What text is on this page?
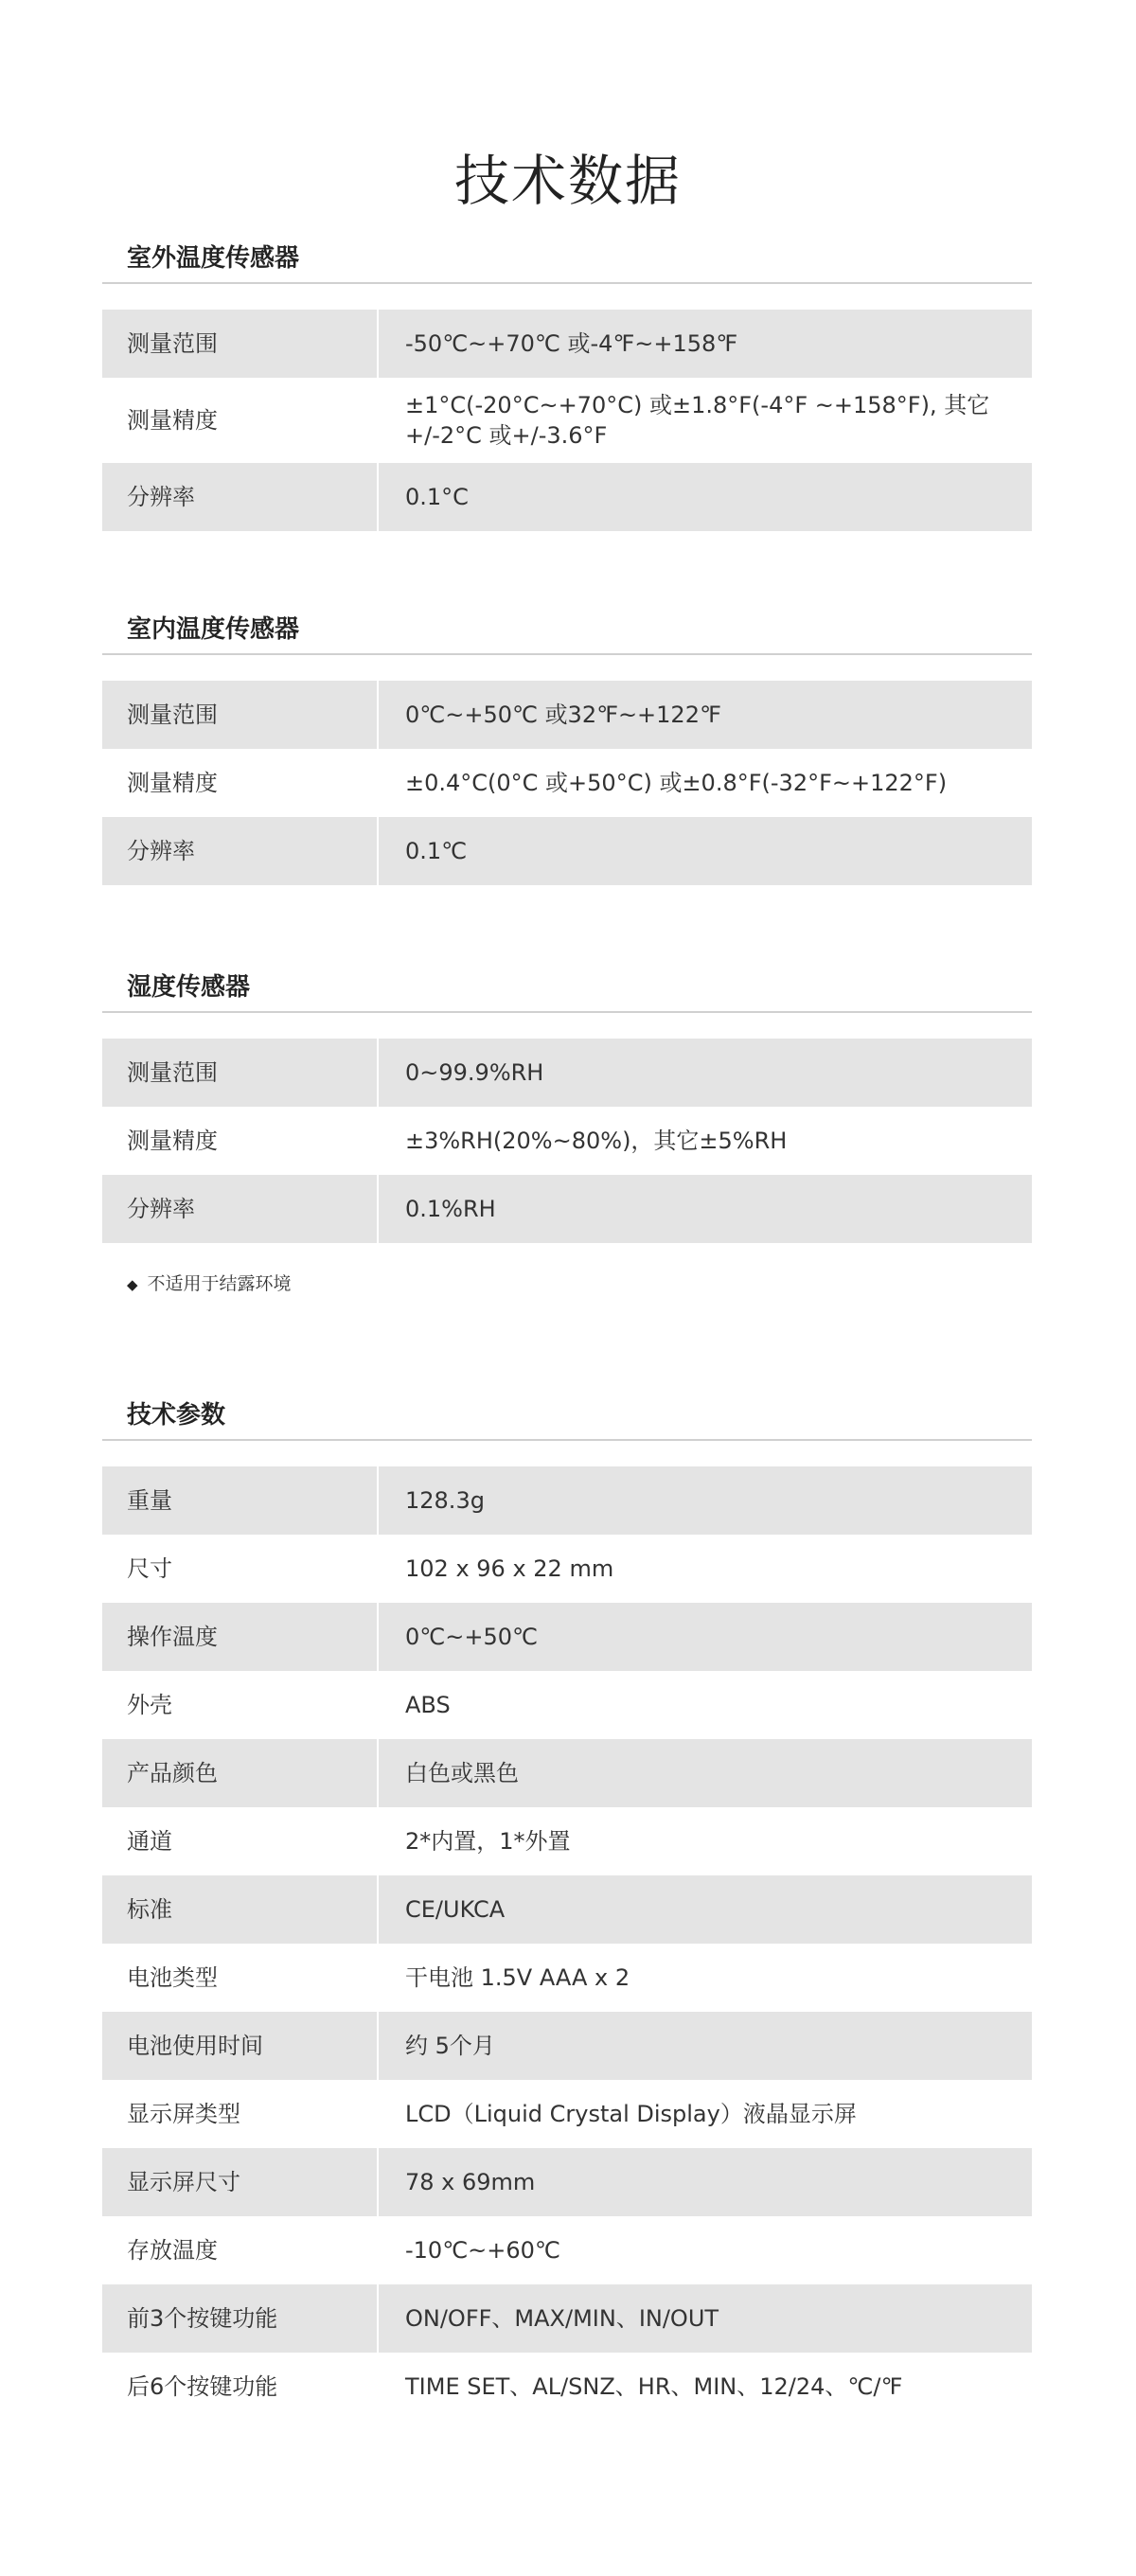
技术数据
室外温度传感器
测量范围	-50℃~+70℃ 或-4℉~+158℉
测量精度	±1°C(-20°C~+70°C) 或±1.8°F(-4°F ~+158°F), 其它+/-2°C 或+/-3.6°F
分辨率	0.1°C
室内温度传感器
测量范围	0℃~+50℃ 或32℉~+122℉
测量精度	±0.4°C(0°C 或+50°C) 或±0.8°F(-32°F~+122°F)
分辨率	0.1℃
湿度传感器
测量范围	0~99.9%RH
测量精度	±3%RH(20%~80%)，其它±5%RH
分辨率	0.1%RH
◆ 不适用于结露环境
技术参数
重量	128.3g
尺寸	102 x 96 x 22 mm
操作温度	0℃~+50℃
外壳	ABS
产品颜色	白色或黑色
通道	2*内置，1*外置
标准	CE/UKCA
电池类型	干电池 1.5V AAA x 2
电池使用时间	约 5个月
显示屏类型	LCD（Liquid Crystal Display）液晶显示屏
显示屏尺寸	78 x 69mm
存放温度	-10℃~+60℃
前3个按键功能	ON/OFF、MAX/MIN、IN/OUT
后6个按键功能	TIME SET、AL/SNZ、HR、MIN、12/24、℃/℉
